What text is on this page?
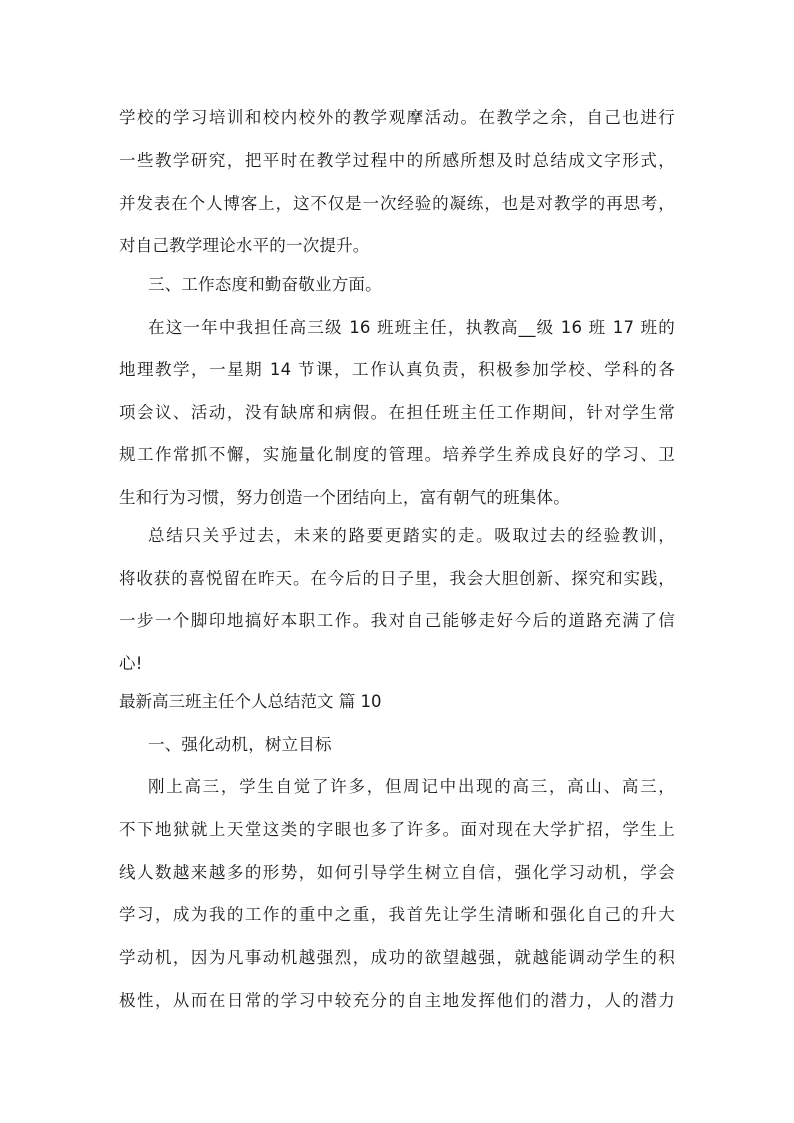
学校的学习培训和校内校外的教学观摩活动。在教学之余，自己也进行
一些教学研究，把平时在教学过程中的所感所想及时总结成文字形式，
并发表在个人博客上，这不仅是一次经验的凝练，也是对教学的再思考，
对自己教学理论水平的一次提升。
三、工作态度和勤奋敬业方面。
在这一年中我担任高三级 16 班班主任，执教高__级 16 班 17 班的
地理教学，一星期 14 节课，工作认真负责，积极参加学校、学科的各
项会议、活动，没有缺席和病假。在担任班主任工作期间，针对学生常
规工作常抓不懈，实施量化制度的管理。培养学生养成良好的学习、卫
生和行为习惯，努力创造一个团结向上，富有朝气的班集体。
总结只关乎过去，未来的路要更踏实的走。吸取过去的经验教训，
将收获的喜悦留在昨天。在今后的日子里，我会大胆创新、探究和实践，
一步一个脚印地搞好本职工作。我对自己能够走好今后的道路充满了信
心!
最新高三班主任个人总结范文 篇 10
一、强化动机，树立目标
刚上高三，学生自觉了许多，但周记中出现的高三，高山、高三，
不下地狱就上天堂这类的字眼也多了许多。面对现在大学扩招，学生上
线人数越来越多的形势，如何引导学生树立自信，强化学习动机，学会
学习，成为我的工作的重中之重，我首先让学生清晰和强化自己的升大
学动机，因为凡事动机越强烈，成功的欲望越强，就越能调动学生的积
极性，从而在日常的学习中较充分的自主地发挥他们的潜力，人的潜力
